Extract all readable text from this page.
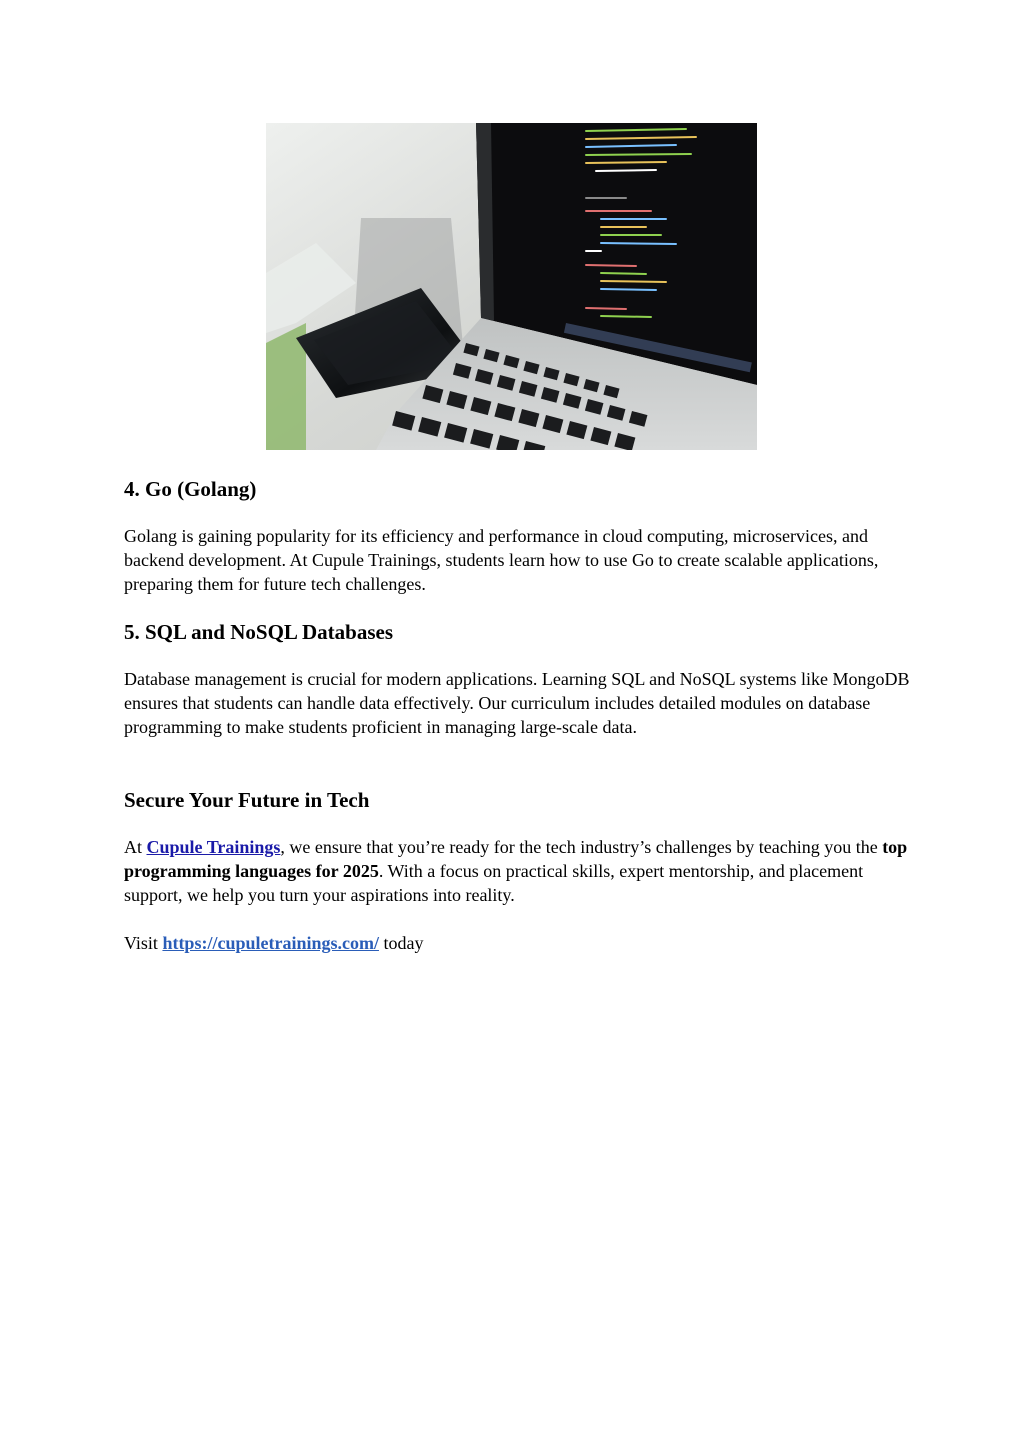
4. Go (Golang)

Golang is gaining popularity for its efficiency and performance in cloud computing, microservices, and backend development. At Cupule Trainings, students learn how to use Go to create scalable applications, preparing them for future tech challenges.

5. SQL and NoSQL Databases

Database management is crucial for modern applications. Learning SQL and NoSQL systems like MongoDB ensures that students can handle data effectively. Our curriculum includes detailed modules on database programming to make students proficient in managing large-scale data.

Secure Your Future in Tech

At Cupule Trainings, we ensure that you’re ready for the tech industry’s challenges by teaching you the top programming languages for 2025. With a focus on practical skills, expert mentorship, and placement support, we help you turn your aspirations into reality.

Visit https://cupuletrainings.com/ today
